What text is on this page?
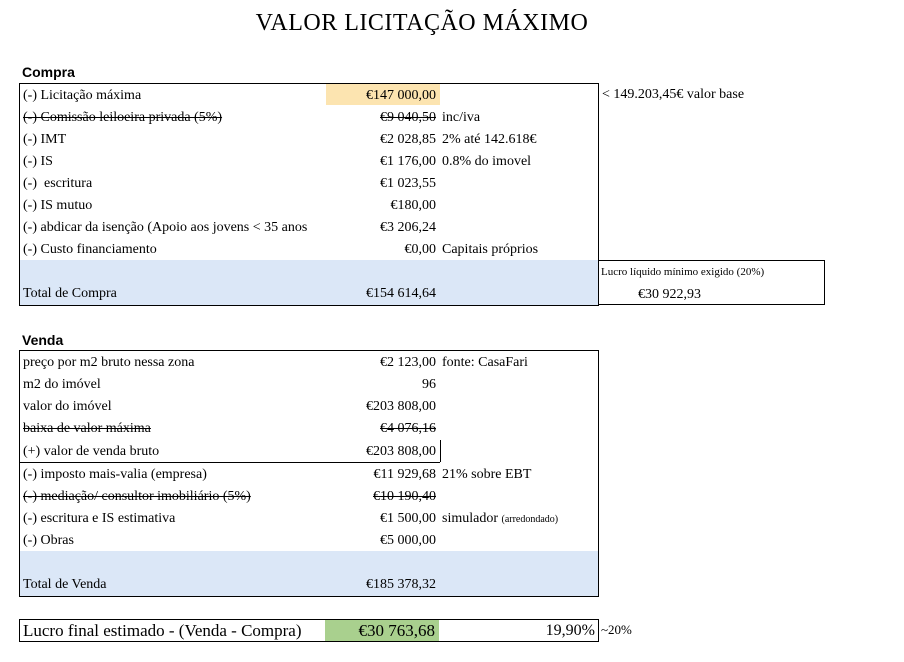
VALOR LICITAÇÃO MÁXIMO
Compra
(-) Licitação máxima	€147 000,00
(-) Comissão leiloeira privada (5%)	€9 040,50 inc/iva
(-) IMT	€2 028,85 2% até 142.618€
(-) IS	€1 176,00 0.8% do imovel
(-)  escritura	€1 023,55
(-) IS mutuo	€180,00
(-) abdicar da isenção (Apoio aos jovens < 35 anos	€3 206,24
(-) Custo financiamento	€0,00 Capitais próprios
Total de Compra	€154 614,64
< 149.203,45€ valor base
Lucro líquido mínimo exigido (20%)
€30 922,93
Venda
preço por m2 bruto nessa zona	€2 123,00 fonte: CasaFari
m2 do imóvel	96
valor do imóvel	€203 808,00
baixa de valor máxima	€4 076,16
(+) valor de venda bruto	€203 808,00
(-) imposto mais-valia (empresa)	€11 929,68 21% sobre EBT
(-) mediação/ consultor imobiliário (5%)	€10 190,40
(-) escritura e IS estimativa	€1 500,00 simulador (arredondado)
(-) Obras	€5 000,00
Total de Venda	€185 378,32
Lucro final estimado - (Venda - Compra)	€30 763,68	19,90% ~20%
